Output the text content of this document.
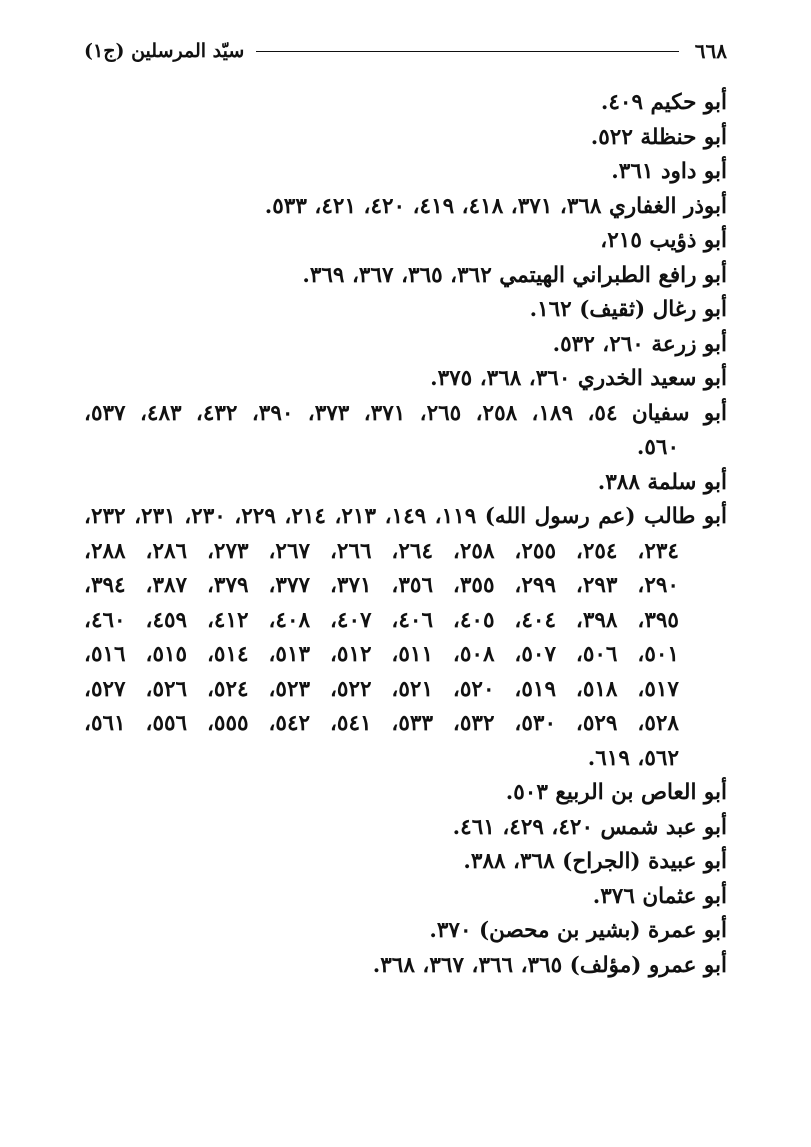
٦٦٨
سيّد المرسلين (ج١)
أبو حكيم ٤٠٩.
أبو حنظلة ٥٢٢.
أبو داود ٣٦١.
أبوذر الغفاري ٣٦٨، ٣٧١، ٤١٨، ٤١٩، ٤٢٠، ٤٢١، ٥٣٣.
أبو ذؤيب ٢١٥،
أبو رافع الطبراني الهيتمي ٣٦٢، ٣٦٥، ٣٦٧، ٣٦٩.
أبو رغال (ثقيف) ١٦٢.
أبو زرعة ٢٦٠، ٥٣٢.
أبو سعيد الخدري ٣٦٠، ٣٦٨، ٣٧٥.
أبو سفيان ٥٤، ١٨٩، ٢٥٨، ٢٦٥، ٣٧١، ٣٧٣، ٣٩٠، ٤٣٢، ٤٨٣، ٥٣٧،
٥٦٠.
أبو سلمة ٣٨٨.
أبو طالب (عم رسول الله) ١١٩، ١٤٩، ٢١٣، ٢١٤، ٢٢٩، ٢٣٠، ٢٣١، ٢٣٢،
٢٣٤، ٢٥٤، ٢٥٥، ٢٥٨، ٢٦٤، ٢٦٦، ٢٦٧، ٢٧٣، ٢٨٦، ٢٨٨،
٢٩٠، ٢٩٣، ٢٩٩، ٣٥٥، ٣٥٦، ٣٧١، ٣٧٧، ٣٧٩، ٣٨٧، ٣٩٤،
٣٩٥، ٣٩٨، ٤٠٤، ٤٠٥، ٤٠٦، ٤٠٧، ٤٠٨، ٤١٢، ٤٥٩، ٤٦٠،
٥٠١، ٥٠٦، ٥٠٧، ٥٠٨، ٥١١، ٥١٢، ٥١٣، ٥١٤، ٥١٥، ٥١٦،
٥١٧، ٥١٨، ٥١٩، ٥٢٠، ٥٢١، ٥٢٢، ٥٢٣، ٥٢٤، ٥٢٦، ٥٢٧،
٥٢٨، ٥٢٩، ٥٣٠، ٥٣٢، ٥٣٣، ٥٤١، ٥٤٢، ٥٥٥، ٥٥٦، ٥٦١،
٥٦٢، ٦١٩.
أبو العاص بن الربيع ٥٠٣.
أبو عبد شمس ٤٢٠، ٤٢٩، ٤٦١.
أبو عبيدة (الجراح) ٣٦٨، ٣٨٨.
أبو عثمان ٣٧٦.
أبو عمرة (بشير بن محصن) ٣٧٠.
أبو عمرو (مؤلف) ٣٦٥، ٣٦٦، ٣٦٧، ٣٦٨.
